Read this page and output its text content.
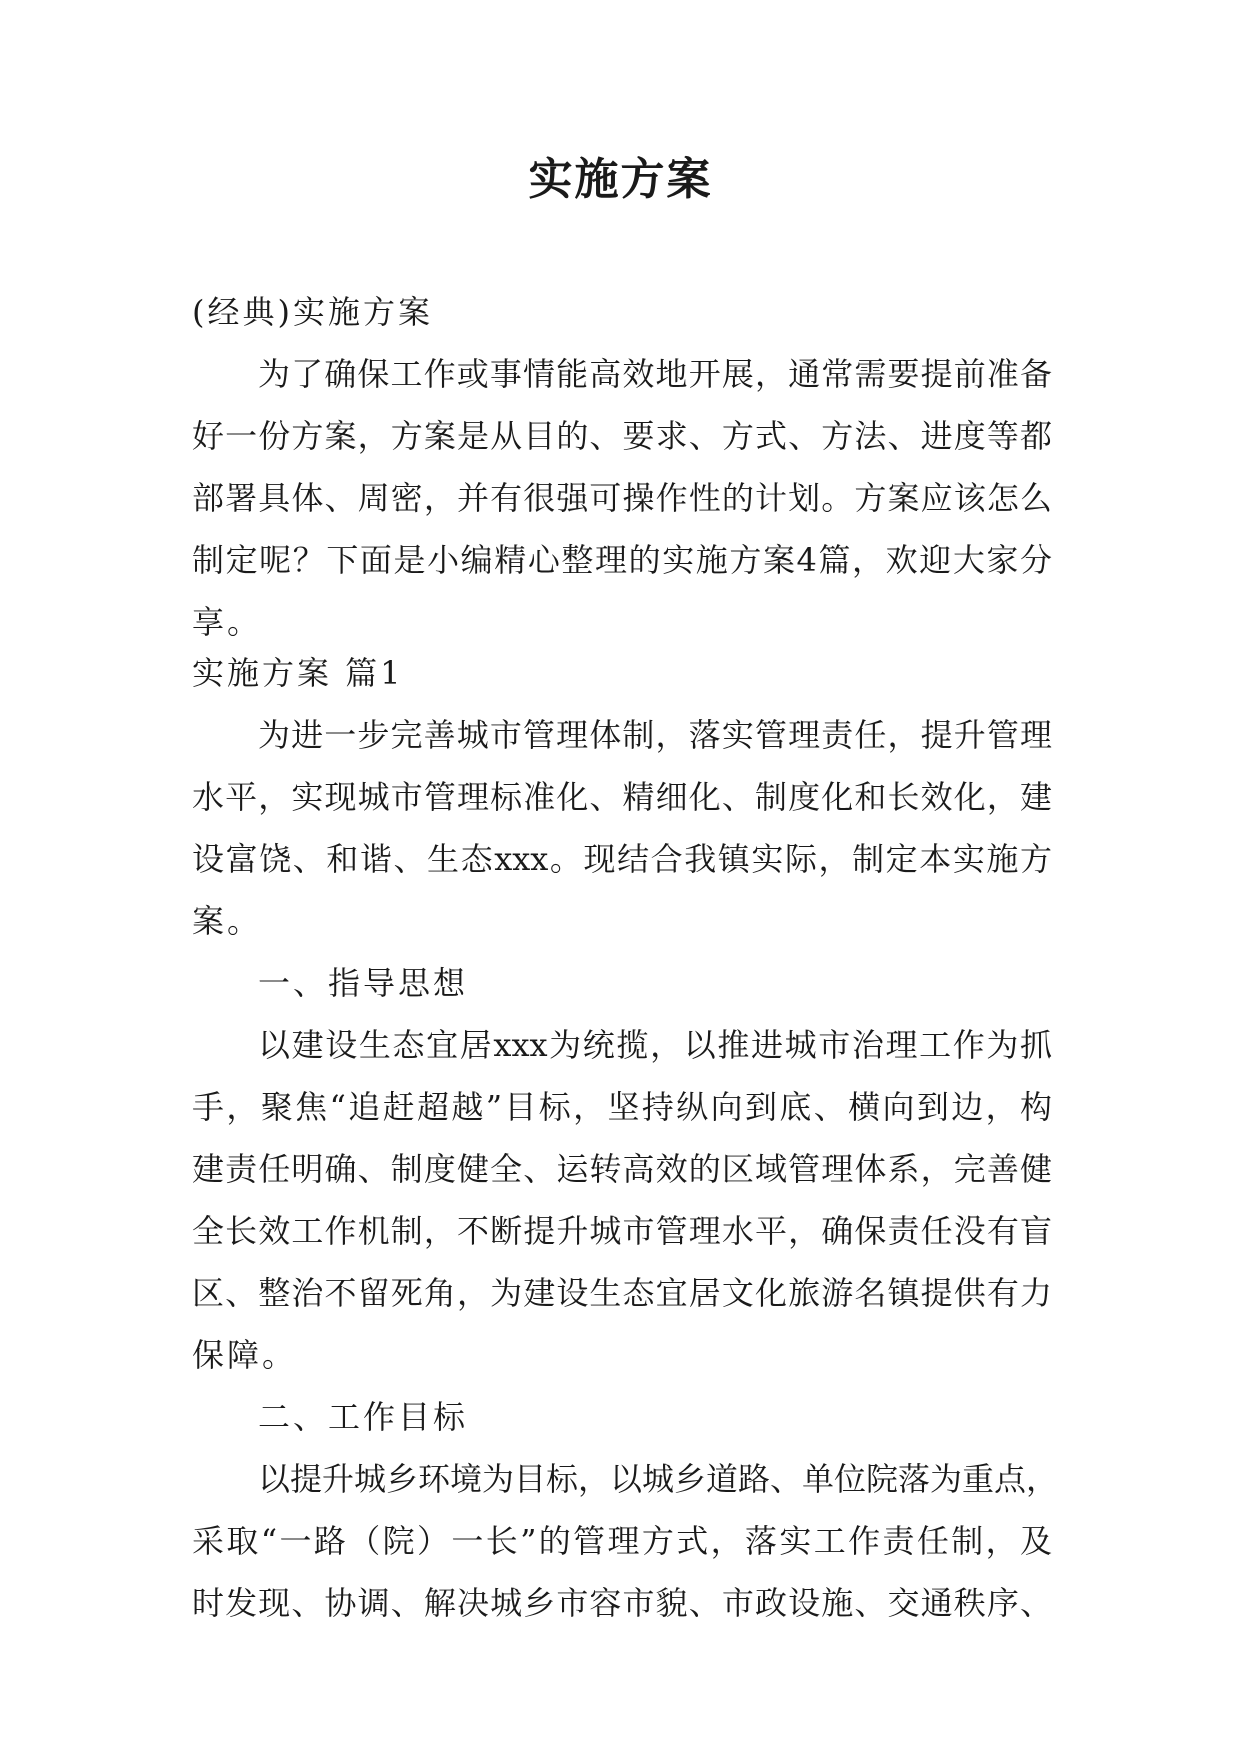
实施方案
(经典)实施方案
为了确保工作或事情能高效地开展，通常需要提前准备
好一份方案，方案是从目的、要求、方式、方法、进度等都
部署具体、周密，并有很强可操作性的计划。方案应该怎么
制定呢？下面是小编精心整理的实施方案4篇，欢迎大家分
享。
实施方案 篇1
为进一步完善城市管理体制，落实管理责任，提升管理
水平，实现城市管理标准化、精细化、制度化和长效化，建
设富饶、和谐、生态xxx。现结合我镇实际，制定本实施方
案。
一、指导思想
以建设生态宜居xxx为统揽，以推进城市治理工作为抓
手，聚焦“追赶超越”目标，坚持纵向到底、横向到边，构
建责任明确、制度健全、运转高效的区域管理体系，完善健
全长效工作机制，不断提升城市管理水平，确保责任没有盲
区、整治不留死角，为建设生态宜居文化旅游名镇提供有力
保障。
二、工作目标
以提升城乡环境为目标，以城乡道路、单位院落为重点，
采取“一路（院）一长”的管理方式，落实工作责任制，及
时发现、协调、解决城乡市容市貌、市政设施、交通秩序、
